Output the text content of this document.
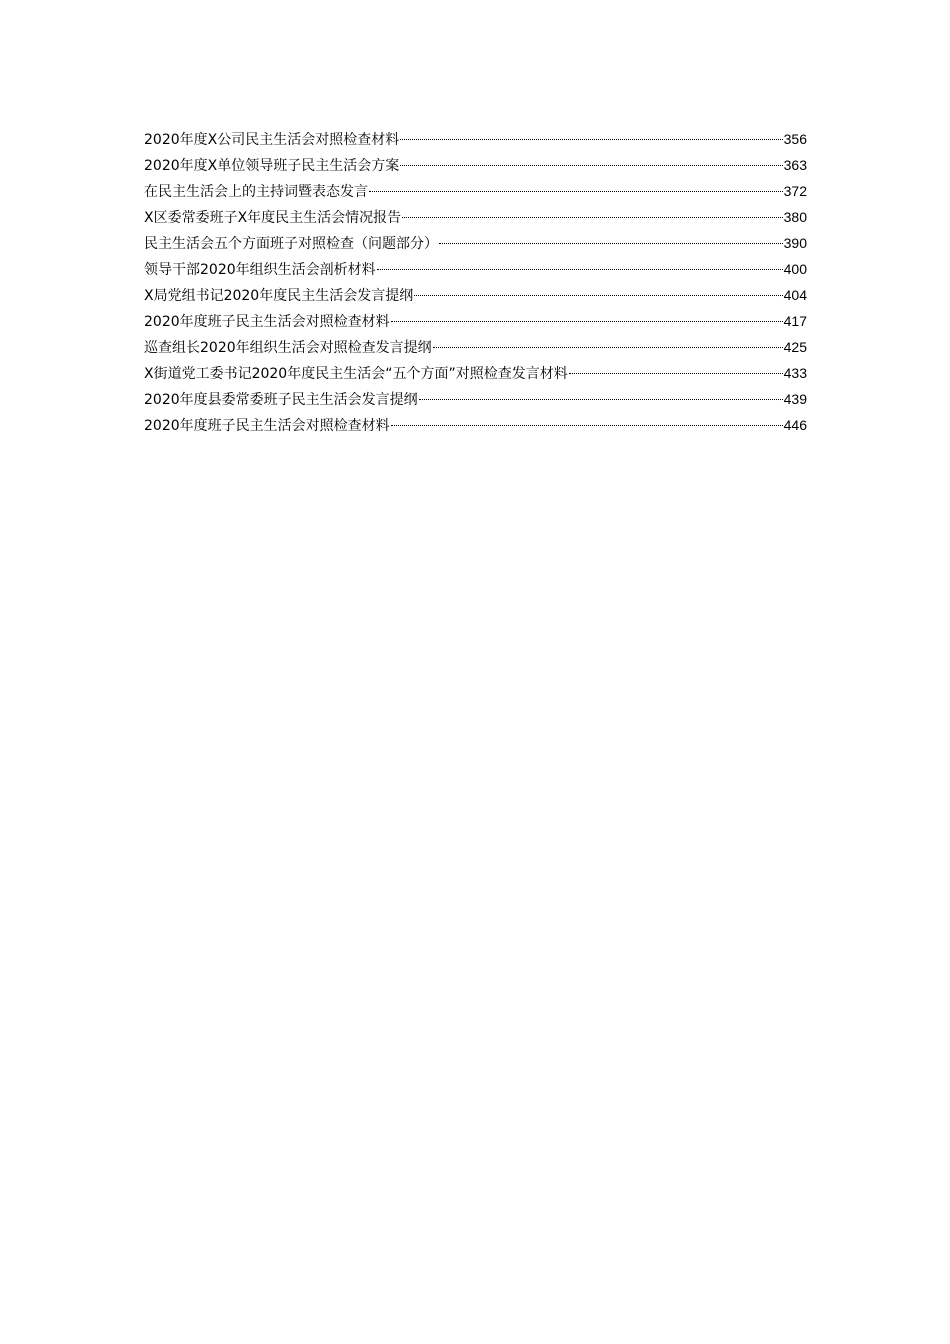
2020年度X公司民主生活会对照检查材料	356
2020年度X单位领导班子民主生活会方案	363
在民主生活会上的主持词暨表态发言	372
X区委常委班子X年度民主生活会情况报告	380
民主生活会五个方面班子对照检查（问题部分）	390
领导干部2020年组织生活会剖析材料	400
X局党组书记2020年度民主生活会发言提纲	404
2020年度班子民主生活会对照检查材料	417
巡查组长2020年组织生活会对照检查发言提纲	425
X街道党工委书记2020年度民主生活会“五个方面”对照检查发言材料	433
2020年度县委常委班子民主生活会发言提纲	439
2020年度班子民主生活会对照检查材料	446
